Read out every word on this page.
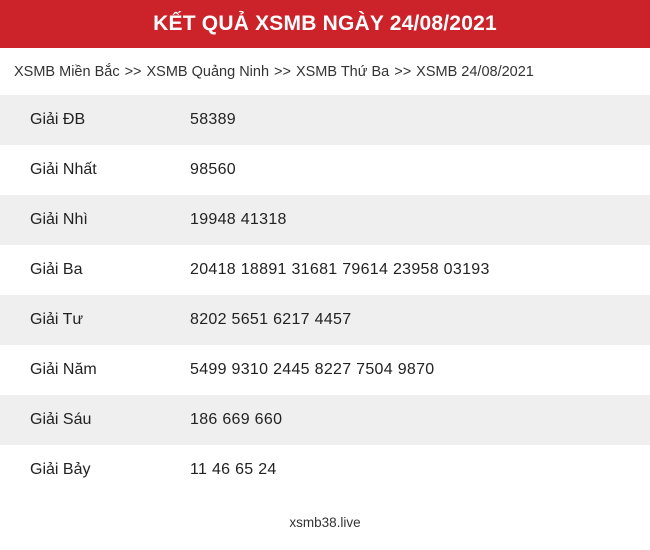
KẾT QUẢ XSMB NGÀY 24/08/2021
XSMB Miền Bắc >> XSMB Quảng Ninh >> XSMB Thứ Ba >> XSMB 24/08/2021
Giải ĐB	58389
Giải Nhất	98560
Giải Nhì	19948 41318
Giải Ba	20418 18891 31681 79614 23958 03193
Giải Tư	8202 5651 6217 4457
Giải Năm	5499 9310 2445 8227 7504 9870
Giải Sáu	186 669 660
Giải Bảy	11 46 65 24
xsmb38.live
